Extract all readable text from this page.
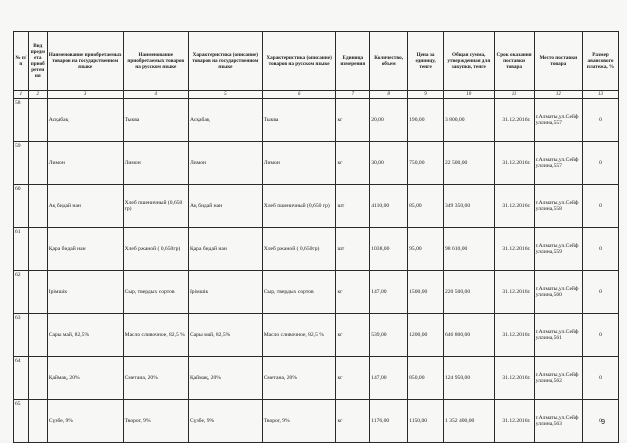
№ п/п	Вид предмета приобретения	Наименование приобретаемых товаров на государственном языке	Наименование приобретаемых товаров на русском языке	Характеристика (описание) товаров на государственном языке	Характеристика (описание) товаров на русском языке	Единица измерения	Количество, объем	Цена за единицу, тенге	Общая сумма, утвержденная для закупки, тенге	Срок оказания поставки товара	Место поставки товара	Размер авансового платежа, %
1	2	3	4	5	6	7	8	9	10	11	12	13
58		Асқабақ	Тыква	Асқабақ	Тыква	кг	20,00	190,00	3 800,00	31.12.2016г.	г.Алматы,ул.Сейфуллина,557	0
59		Лимон	Лимон	Лимон	Лимон	кг	30,00	750,00	22 500,00	31.12.2016г.	г.Алматы,ул.Сейфуллина,557	0
60		Ақ бидай нан	Хлеб пшеничный (0,650 гр)	Ақ бидай нан	Хлеб пшеничный (0,650 гр)	шт	4110,00	85,00	349 350,00	31.12.2016г.	г.Алматы,ул.Сейфуллина,558	0
61		Қара бидай нан	Хлеб ржаной ( 0,650гр)	Қара бидай нан	Хлеб ржаной ( 0,650гр)	шт	1038,00	95,00	98 610,00	31.12.2016г.	г.Алматы,ул.Сейфуллина,559	0
62		Ірімшік	Сыр, твердых сортов	Ірімшік	Сыр, твердых сортов	кг	147,00	1500,00	220 500,00	31.12.2016г.	г.Алматы,ул.Сейфуллина,560	0
63		Сары май, 82,5%	Масло сливочное, 82,5 %	Сары май, 82,5%	Масло сливочное, 82,5 %	кг	539,00	1200,00	646 800,00	31.12.2016г.	г.Алматы,ул.Сейфуллина,561	0
64		Қаймақ, 20%	Сметана, 20%	Қаймақ, 20%	Сметана, 20%	кг	147,00	850,00	124 950,00	31.12.2016г.	г.Алматы,ул.Сейфуллина,562	0
65		Сүзбе, 9%	Творог, 9%	Сүзбе, 9%	Творог, 9%	кг	1176,00	1150,00	1 352 400,00	31.12.2016г.	г.Алматы,ул.Сейфуллина,563	0 9
